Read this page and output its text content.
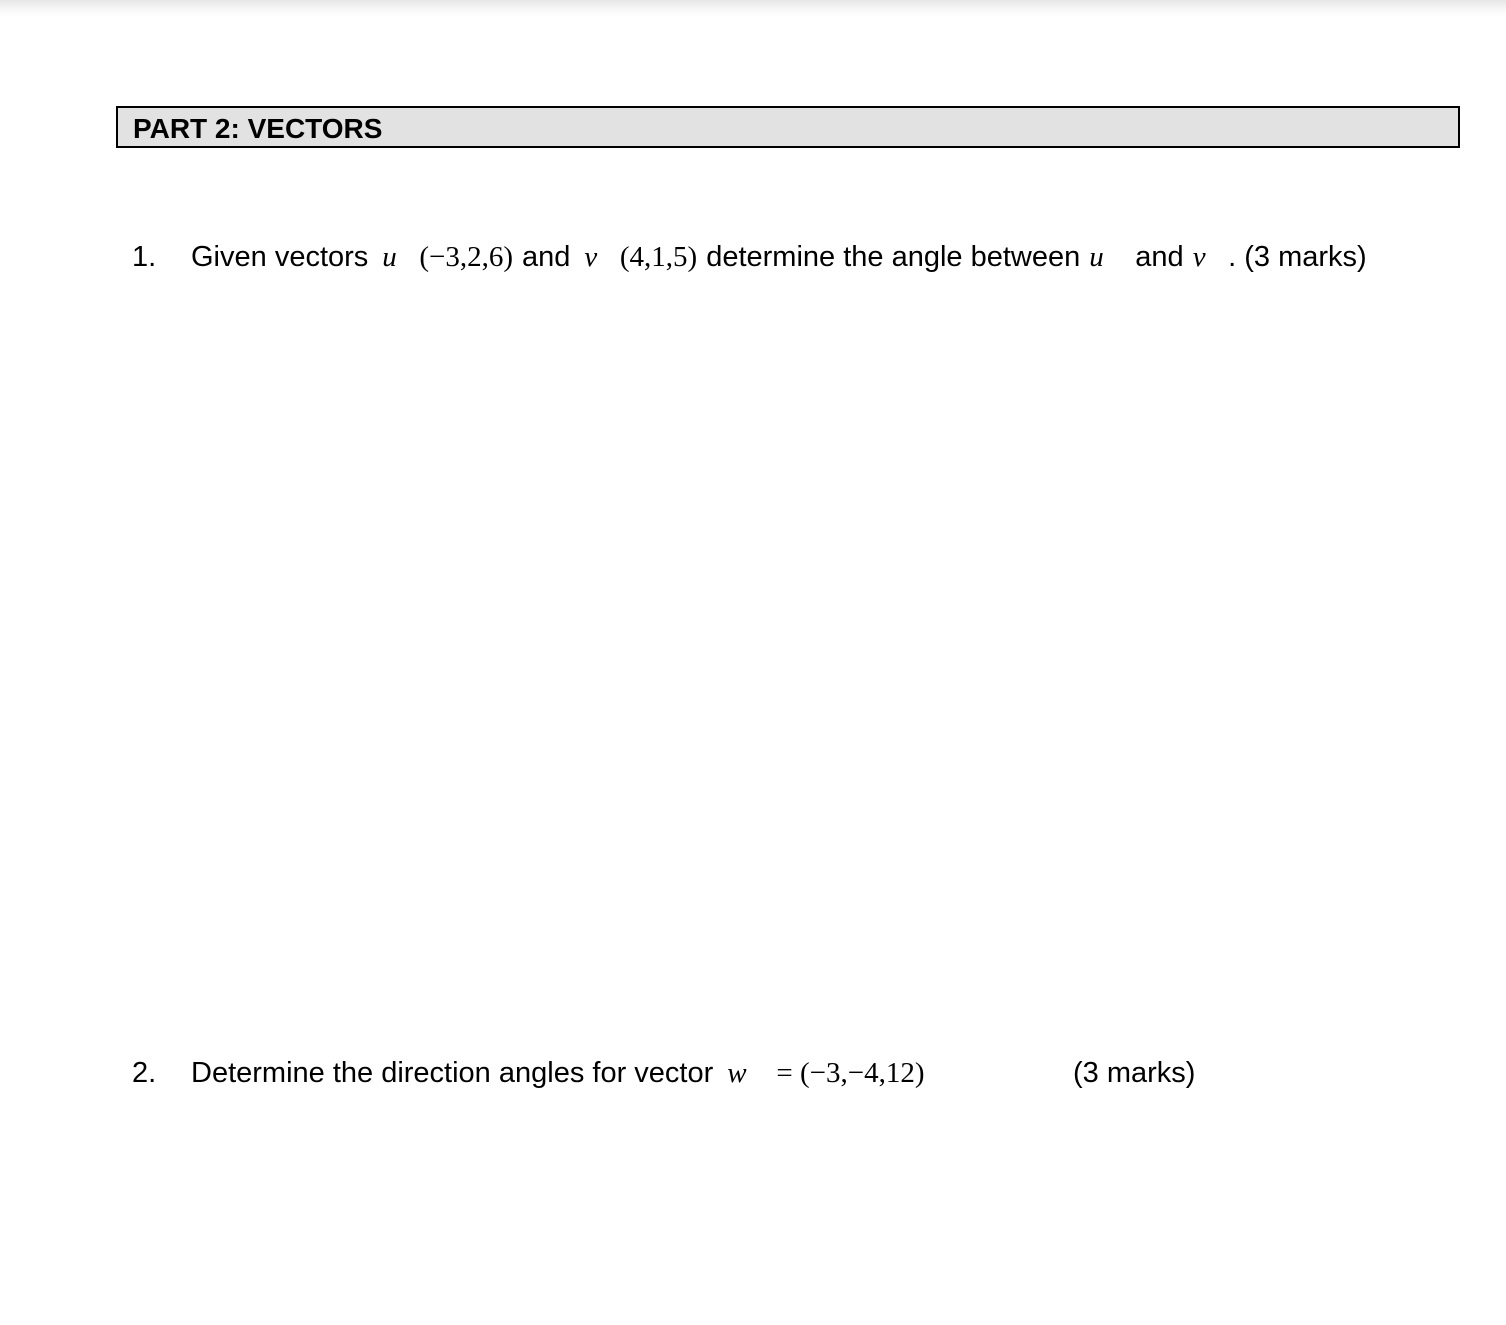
PART 2: VECTORS
1. Given vectors u⃗(−3,2,6) and v⃗(4,1,5) determine the angle between u⃗ and v⃗. (3 marks)
2. Determine the direction angles for vector w⃗ = (−3,−4,12)	(3 marks)
